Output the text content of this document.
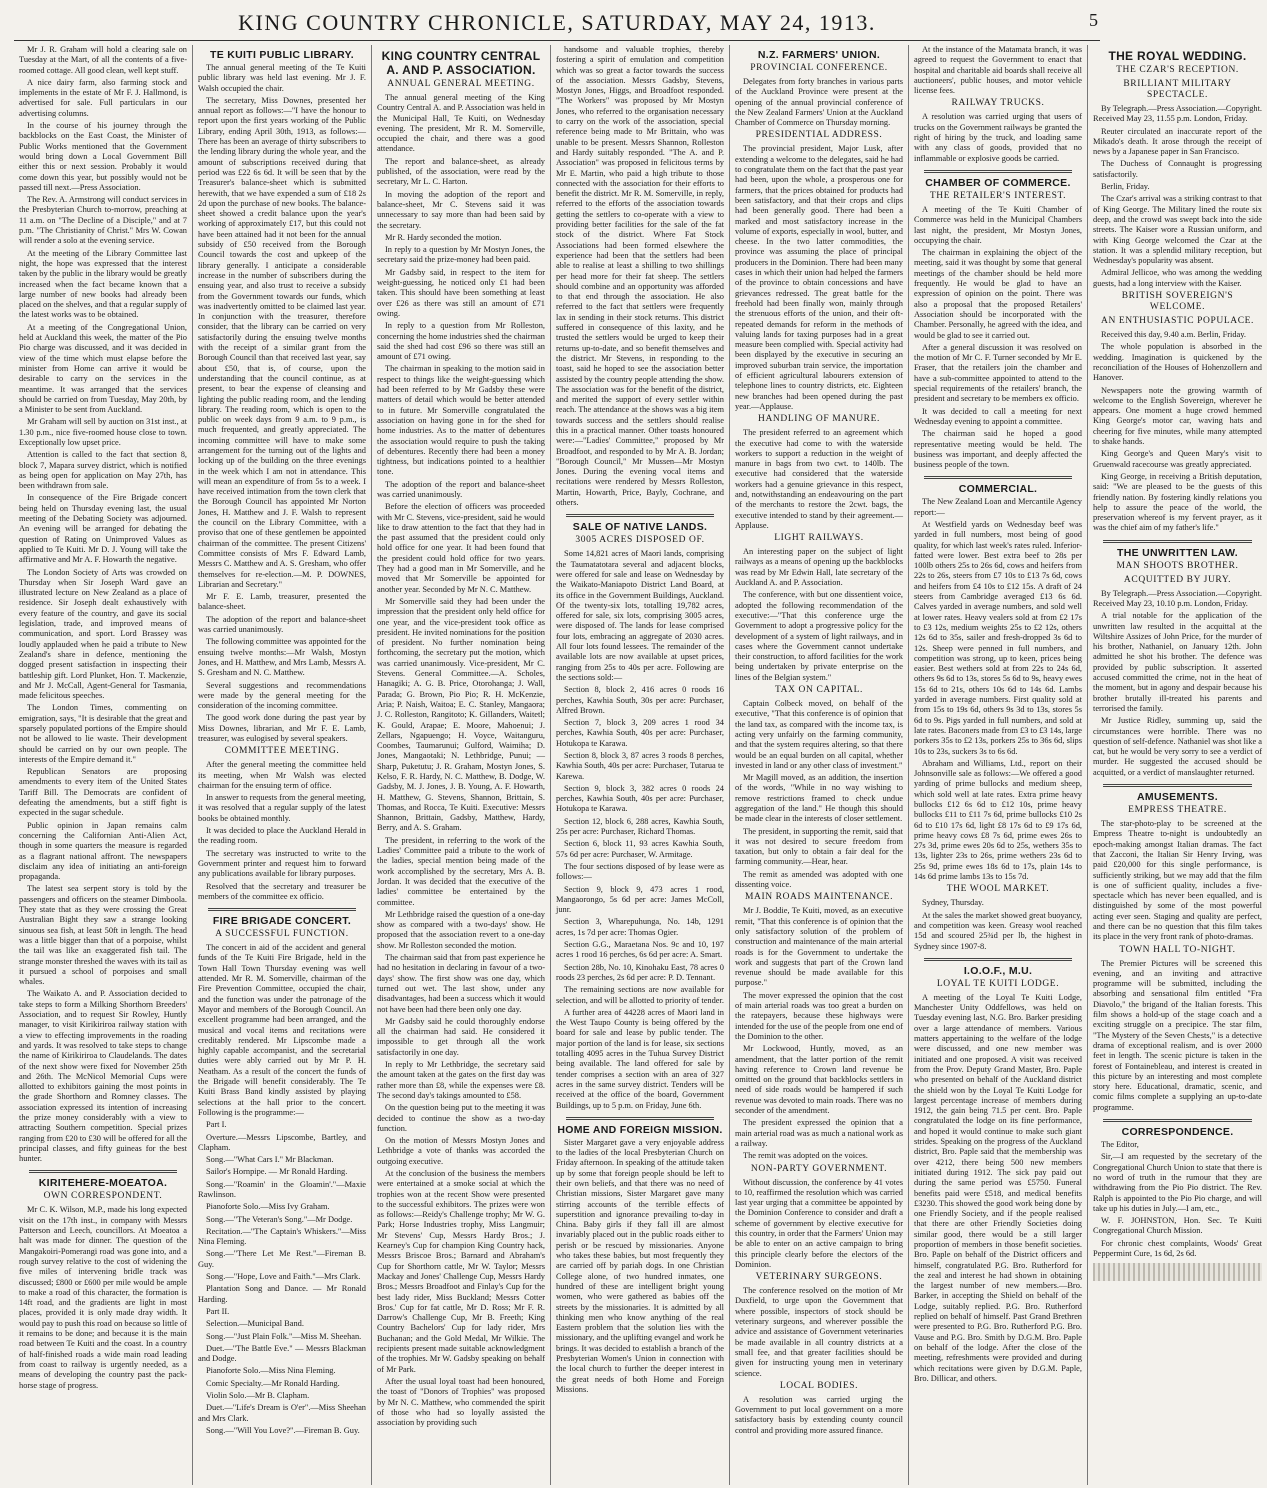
KING COUNTRY CHRONICLE, SATURDAY, MAY 24, 1913.	5

Mr J. R. Graham will hold a clearing sale on Tuesday at the Mart, of all the contents of a five-roomed cottage. All good clean, well kept stuff.

A nice dairy farm, also farming stock and implements in the estate of Mr F. J. Hallmond, is advertised for sale. Full particulars in our advertising columns.

In the course of his journey through the backblocks on the East Coast, the Minister of Public Works mentioned that the Government would bring down a Local Government Bill either this or next session. Probably it would come down this year, but possibly would not be passed till next.—Press Association.

The Rev. A. Armstrong will conduct services in the Presbyterian Church to-morrow, preaching at 11 a.m. on "The Decline of a Disciple," and at 7 p.m. "The Christianity of Christ." Mrs W. Cowan will render a solo at the evening service.

At the meeting of the Library Committee last night, the hope was expressed that the interest taken by the public in the library would be greatly increased when the fact became known that a large number of new books had already been placed on the shelves, and that a regular supply of the latest works was to be obtained.

At a meeting of the Congregational Union, held at Auckland this week, the matter of the Pio Pio charge was discussed, and it was decided in view of the time which must elapse before the minister from Home can arrive it would be desirable to carry on the services in the meantime. It was arranged that the services should be carried on from Tuesday, May 20th, by a Minister to be sent from Auckland.

Mr Graham will sell by auction on 31st inst., at 1.30 p.m., nice five-roomed house close to town. Exceptionally low upset price.

Attention is called to the fact that section 8, block 7, Mapara survey district, which is notified as being open for application on May 27th, has been withdrawn from sale.

In consequence of the Fire Brigade concert being held on Thursday evening last, the usual meeting of the Debating Society was adjourned. An evening will be arranged for debating the question of Rating on Unimproved Values as applied to Te Kuiti. Mr D. J. Young will take the affirmative and Mr A. F. Howarth the negative.

The London Society of Arts was crowded on Thursday when Sir Joseph Ward gave an illustrated lecture on New Zealand as a place of residence. Sir Joseph dealt exhaustively with every feature of the country, and gave its social legislation, trade, and improved means of communication, and sport. Lord Brassey was loudly applauded when he paid a tribute to New Zealand's share in defence, mentioning the dogged present satisfaction in inspecting their battleship gift. Lord Plunket, Hon. T. Mackenzie, and Mr J. McCall, Agent-General for Tasmania, made felicitous speeches.

The London Times, commenting on emigration, says, "It is desirable that the great and sparsely populated portions of the Empire should not be allowed to lie waste. Their development should be carried on by our own people. The interests of the Empire demand it."

Republican Senators are proposing amendments to every item of the United States Tariff Bill. The Democrats are confident of defeating the amendments, but a stiff fight is expected in the sugar schedule.

Public opinion in Japan remains calm concerning the Californian Anti-Alien Act, though in some quarters the measure is regarded as a flagrant national affront. The newspapers disclaim any idea of initiating an anti-foreign propaganda.

The latest sea serpent story is told by the passengers and officers on the steamer Dimboola. They state that as they were crossing the Great Australian Bight they saw a strange looking sinuous sea fish, at least 50ft in length. The head was a little bigger than that of a porpoise, whilst the tail was like an exaggerated fish tail. The strange monster threshed the waves with its tail as it pursued a school of porpoises and small whales.

The Waikato A. and P. Association decided to take steps to form a Milking Shorthorn Breeders' Association, and to request Sir Rowley, Huntly manager, to visit Kirikiriroa railway station with a view to effecting improvements in the roading and yards. It was resolved to take steps to change the name of Kirikiriroa to Claudelands. The dates of the next show were fixed for November 25th and 26th. The McNicol Memorial Cups were allotted to exhibitors gaining the most points in the grade Shorthorn and Romney classes. The association expressed its intention of increasing the prize money considerably with a view to attracting Southern competition. Special prizes ranging from £20 to £30 will be offered for all the principal classes, and fifty guineas for the best hunter.

KIRITEHERE-MOEATOA.
OWN CORRESPONDENT.

Mr C. K. Wilson, M.P., made his long expected visit on the 17th inst., in company with Messrs Patterson and Leech, councillors. At Moeatoa a halt was made for dinner. The question of the Mangakoiri-Pomerangi road was gone into, and a rough survey relative to the cost of widening the five miles of intervening bridle track was discussed; £800 or £600 per mile would be ample to make a road of this character, the formation is 14ft road, and the gradients are light in most places, provided it is only made dray width. It would pay to push this road on because so little of it remains to be done; and because it is the main road between Te Kuiti and the coast. In a country of half-finished roads a wide main road leading from coast to railway is urgently needed, as a means of developing the country past the pack-horse stage of progress.

TE KUITI PUBLIC LIBRARY.

The annual general meeting of the Te Kuiti public library was held last evening. Mr J. F. Walsh occupied the chair.

The secretary, Miss Downes, presented her annual report as follows:—"I have the honour to report upon the first years working of the Public Library, ending April 30th, 1913, as follows:—There has been an average of thirty subscribers to the lending library during the whole year, and the amount of subscriptions received during that period was £22 6s 6d. It will be seen that by the Treasurer's balance-sheet which is submitted herewith, that we have expended a sum of £18 2s 2d upon the purchase of new books. The balance-sheet showed a credit balance upon the year's working of approximately £17, but this could not have been attained had it not been for the annual subsidy of £50 received from the Borough Council towards the cost and upkeep of the library generally. I anticipate a considerable increase in the number of subscribers during the ensuing year, and also trust to receive a subsidy from the Government towards our funds, which was inadvertently omitted to be claimed last year. In conjunction with the treasurer, therefore consider, that the library can be carried on very satisfactorily during the ensuing twelve months with the receipt of a similar grant from the Borough Council than that received last year, say about £50, that is, of course, upon the understanding that the council continue, as at present, to bear the expense of cleansing and lighting the public reading room, and the lending library. The reading room, which is open to the public on week days from 9 a.m. to 9 p.m., is much frequented, and greatly appreciated. The incoming committee will have to make some arrangement for the turning out of the lights and locking up of the building on the three evenings in the week which I am not in attendance. This will mean an expenditure of from 5s to a week. I have received intimation from the town clerk that the Borough Council has appointed Mr Norton Jones, H. Matthew and J. F. Walsh to represent the council on the Library Committee, with a proviso that one of these gentlemen be appointed chairman of the committee. The present Citizens' Committee consists of Mrs F. Edward Lamb, Messrs C. Matthew and A. S. Gresham, who offer themselves for re-election.—M. P. DOWNES, Librarian and Secretary."

Mr F. E. Lamb, treasurer, presented the balance-sheet.

The adoption of the report and balance-sheet was carried unanimously.

The following committee was appointed for the ensuing twelve months:—Mr Walsh, Mostyn Jones, and H. Matthew, and Mrs Lamb, Messrs A. S. Gresham and N. C. Matthew.

Several suggestions and recommendations were made by the general meeting for the consideration of the incoming committee.

The good work done during the past year by Miss Downes, librarian, and Mr F. E. Lamb, treasurer, was eulogised by several speakers.

COMMITTEE MEETING.

After the general meeting the committee held its meeting, when Mr Walsh was elected chairman for the ensuing term of office.

In answer to requests from the general meeting, it was resolved that a regular supply of the latest books be obtained monthly.

It was decided to place the Auckland Herald in the reading room.

The secretary was instructed to write to the Government printer and request him to forward any publications available for library purposes.

Resolved that the secretary and treasurer be members of the committee ex officio.

FIRE BRIGADE CONCERT.
A SUCCESSFUL FUNCTION.

The concert in aid of the accident and general funds of the Te Kuiti Fire Brigade, held in the Town Hall Town Thursday evening was well attended. Mr R. M. Somerville, chairman of the Fire Prevention Committee, occupied the chair, and the function was under the patronage of the Mayor and members of the Borough Council. An excellent programme had been arranged, and the musical and vocal items and recitations were creditably rendered. Mr Lipscombe made a highly capable accompanist, and the secretarial duties were ably carried out by Mr P. H. Neatham. As a result of the concert the funds of the Brigade will benefit considerably. The Te Kuiti Brass Band kindly assisted by playing selections at the hall prior to the concert. Following is the programme:—

Part I.

Overture.—Messrs Lipscombe, Bartley, and Clapham.

Song.—"What Cars I." Mr Blackman.

Sailor's Hornpipe. — Mr Ronald Harding.

Song.—"Roamin' in the Gloamin'."—Maxie Rawlinson.

Pianoforte Solo.—Miss Ivy Graham.

Song.—"The Veteran's Song."—Mr Dodge.

Recitation.—"The Captain's Whiskers."—Miss Nina Fleming.

Song.—"There Let Me Rest."—Fireman B. Guy.

Song.—"Hope, Love and Faith."—Mrs Clark.

Plantation Song and Dance. — Mr Ronald Harding.

Part II.

Selection.—Municipal Band.

Song.—"Just Plain Folk."—Miss M. Sheehan.

Duet.—"The Battle Eve." — Messrs Blackman and Dodge.

Pianoforte Solo.—Miss Nina Fleming.

Comic Specialty.—Mr Ronald Harding.

Violin Solo.—Mr B. Clapham.

Duet.—"Life's Dream is O'er".—Miss Sheehan and Mrs Clark.

Song.—"Will You Love?".—Fireman B. Guy.

KING COUNTRY CENTRAL A. AND P. ASSOCIATION.
ANNUAL GENERAL MEETING.

The annual general meeting of the King Country Central A. and P. Association was held in the Municipal Hall, Te Kuiti, on Wednesday evening. The president, Mr R. M. Somerville, occupied the chair, and there was a good attendance.

The report and balance-sheet, as already published, of the association, were read by the secretary, Mr L. C. Harton.

In moving the adoption of the report and balance-sheet, Mr C. Stevens said it was unnecessary to say more than had been said by the secretary.

Mr R. Hardy seconded the motion.

In reply to a question by Mr Mostyn Jones, the secretary said the prize-money had been paid.

Mr Gadsby said, in respect to the item for weight-guessing, he noticed only £1 had been taken. This should have been something at least over £26 as there was still an amount of £71 owing.

In reply to a question from Mr Rolleston, concerning the home industries shed the chairman said the shed had cost £96 so there was still an amount of £71 owing.

The chairman in speaking to the motion said in respect to things like the weight-guessing which had been referred to by Mr Gadsby these were matters of detail which would be better attended to in future. Mr Somerville congratulated the association on having gone in for the shed for home industries. As to the matter of debentures the association would require to push the taking of debentures. Recently there had been a money tightness, but indications pointed to a healthier tone.

The adoption of the report and balance-sheet was carried unanimously.

Before the election of officers was proceeded with Mr C. Stevens, vice-president, said he would like to draw attention to the fact that they had in the past assumed that the president could only hold office for one year. It had been found that the president could hold office for two years. They had a good man in Mr Somerville, and he moved that Mr Somerville be appointed for another year. Seconded by Mr N. C. Matthew.

Mr Somerville said they had been under the impression that the president only held office for one year, and the vice-president took office as president. He invited nominations for the position of president. No further nomination being forthcoming, the secretary put the motion, which was carried unanimously. Vice-president, Mr C. Stevens. General Committee.—A. Scholes, Hanagiki; A. G. B. Price, Otorohanga; J. Wall, Parada; G. Brown, Pio Pio; R. H. McKenzie, Aria; P. Naish, Waitoa; E. C. Stanley, Mangaora; J. C. Rolleston, Rangitoto; K. Gillanders, Waitetl; K. Gould, Arapae; E. Moore, Mahoenui; J. Zellars, Ngapuengo; H. Voyce, Waitanguru, Coombes, Taumarunui; Gulford, Waimiha; D. Jones, Mangaotaki; N. Lethbridge, Punui; — Sharp, Puketutu; J. R. Graham, Mostyn Jones, S. Kelso, F. R. Hardy, N. C. Matthew, B. Dodge, W. Gadsby, M. J. Jones, J. B. Young, A. F. Howarth, H. Matthew, G. Stevens, Shannon, Brittain, S. Thomas, and Rocca, Te Kuiti. Executive: Messrs Shannon, Brittain, Gadsby, Matthew, Hardy, Berry, and A. S. Graham.

The president, in referring to the work of the Ladies' Committee paid a tribute to the work of the ladies, special mention being made of the work accomplished by the secretary, Mrs A. B. Jordan. It was decided that the executive of the ladies' committee be entertained by the committee.

Mr Lethbridge raised the question of a one-day show as compared with a two-days' show. He proposed that the association revert to a one-day show. Mr Rolleston seconded the motion.

The chairman said that from past experience he had no hesitation in declaring in favour of a two-days' show. The first show was one day, which turned out wet. The last show, under any disadvantages, had been a success which it would not have been had there been only one day.

Mr Gadsby said he could thoroughly endorse all the chairman had said. He considered it impossible to get through all the work satisfactorily in one day.

In reply to Mr Lethbridge, the secretary said the amount taken at the gates on the first day was rather more than £8, while the expenses were £8. The second day's takings amounted to £58.

On the question being put to the meeting it was decided to continue the show as a two-day function.

On the motion of Messrs Mostyn Jones and Lethbridge a vote of thanks was accorded the outgoing executive.

At the conclusion of the business the members were entertained at a smoke social at which the trophies won at the recent Show were presented to the successful exhibitors. The prizes were won as follows:—Reidy's Challenge trophy; Mr W. G. Park; Horse Industries trophy, Miss Langmuir; Mr Stevens' Cup, Messrs Hardy Bros.; J. Kearney's Cup for champion King Country hack, Messrs Briscoe Bros.; Barnard and Abraham's Cup for Shorthorn cattle, Mr W. Taylor; Messrs Mackay and Jones' Challenge Cup, Messrs Hardy Bros.; Messrs Broadfoot and Finlay's Cup for the best lady rider, Miss Buckland; Messrs Cotter Bros.' Cup for fat cattle, Mr D. Ross; Mr F. R. Darrow's Challenge Cup, Mr B. Freeth; King Country Bachelors' Cup for lady rider, Mrs Buchanan; and the Gold Medal, Mr Wilkie. The recipients present made suitable acknowledgment of the trophies. Mr W. Gadsby speaking on behalf of Mr Park.

After the usual loyal toast had been honoured, the toast of "Donors of Trophies" was proposed by Mr N. C. Matthew, who commended the spirit of those who had so loyally assisted the association by providing such

handsome and valuable trophies, thereby fostering a spirit of emulation and competition which was so great a factor towards the success of the association. Messrs Gadsby, Stevens, Mostyn Jones, Higgs, and Broadfoot responded. "The Workers" was proposed by Mr Mostyn Jones, who referred to the organisation necessary to carry on the work of the association, special reference being made to Mr Brittain, who was unable to be present. Messrs Shannon, Rolleston and Hardy suitably responded. "The A. and P. Association" was proposed in felicitous terms by Mr E. Martin, who paid a high tribute to those connected with the association for their efforts to benefit the district. Mr R. M. Somerville, in reply, referred to the efforts of the association towards getting the settlers to co-operate with a view to providing better facilities for the sale of the fat stock of the district. Where Fat Stock Associations had been formed elsewhere the experience had been that the settlers had been able to realise at least a shilling to two shillings per head more for their fat sheep. The settlers should combine and an opportunity was afforded to that end through the association. He also referred to the fact that settlers were frequently lax in sending in their stock returns. This district suffered in consequence of this laxity, and he trusted the settlers would be urged to keep their returns up-to-date, and so benefit themselves and the district. Mr Stevens, in responding to the toast, said he hoped to see the association better assisted by the country people attending the show. The association was for the benefit of the district, and merited the support of every settler within reach. The attendance at the shows was a big item towards success and the settlers should realise this in a practical manner. Other toasts honoured were:—"Ladies' Committee," proposed by Mr Broadfoot, and responded to by Mr A. B. Jordan; "Borough Council," Mr Mussen—Mr Mostyn Jones. During the evening vocal items and recitations were rendered by Messrs Rolleston, Martin, Howarth, Price, Bayly, Cochrane, and others.

SALE OF NATIVE LANDS.
3005 ACRES DISPOSED OF.

Some 14,821 acres of Maori lands, comprising the Taumatatotara several and adjacent blocks, were offered for sale and lease on Wednesday by the Waikato-Maniapoto District Land Board, at its office in the Government Buildings, Auckland. Of the twenty-six lots, totalling 19,782 acres, offered for sale, six lots, comprising 3005 acres, were disposed of. The lands for lease comprised four lots, embracing an aggregate of 2030 acres. All four lots found lessees. The remainder of the available lots are now available at upset prices, ranging from 25s to 40s per acre. Following are the sections sold:—

Section 8, block 2, 416 acres 0 roods 16 perches, Kawhia South, 30s per acre: Purchaser, Alfred Brown.

Section 7, block 3, 209 acres 1 rood 34 perches, Kawhia South, 40s per acre: Purchaser, Hotukopa te Karawa.

Section 8, block 3, 87 acres 3 roods 8 perches, Kawhia South, 40s per acre: Purchaser, Tutarua te Karewa.

Section 9, block 3, 382 acres 0 roods 24 perches, Kawhia South, 40s per acre: Purchaser, Hotukopa te Karawa.

Section 12, block 6, 288 acres, Kawhia South, 25s per acre: Purchaser, Richard Thomas.

Section 6, block 11, 93 acres Kawhia South, 57s 6d per acre: Purchaser, W. Armitage.

The four sections disposed of by lease were as follows:—

Section 9, block 9, 473 acres 1 rood, Mangaorongo, 5s 6d per acre: James McColl, junr.

Section 3, Wharepuhunga, No. 14b, 1291 acres, 1s 7d per acre: Thomas Ogier.

Section G.G., Maraetana Nos. 9c and 10, 197 acres 1 rood 16 perches, 6s 6d per acre: A. Smart.

Section 28b, No. 10, Kinohaku East, 78 acres 0 roods 23 perches, 2s 6d per acre: P. D. Tennant.

The remaining sections are now available for selection, and will be allotted to priority of tender.

A further area of 44228 acres of Maori land in the West Taupo County is being offered by the board for sale and lease by public tender. The major portion of the land is for lease, six sections totalling 4095 acres in the Tuhua Survey District being available. The land offered for sale by tender comprises a section with an area of 327 acres in the same survey district. Tenders will be received at the office of the board, Government Buildings, up to 5 p.m. on Friday, June 6th.

HOME AND FOREIGN MISSION.

Sister Margaret gave a very enjoyable address to the ladies of the local Presbyterian Church on Friday afternoon. In speaking of the attitude taken up by some that foreign people should be left to their own beliefs, and that there was no need of Christian missions, Sister Margaret gave many stirring accounts of the terrible effects of superstition and ignorance prevailing to-day in China. Baby girls if they fall ill are almost invariably placed out in the public roads either to perish or be rescued by missionaries. Anyone who takes these babies, but most frequently they are carried off by pariah dogs. In one Christian College alone, of two hundred inmates, one hundred of these are intelligent bright young women, who were gathered as babies off the streets by the missionaries. It is admitted by all thinking men who know anything of the real Eastern problem that the solution lies with the missionary, and the uplifting evangel and work he brings. It was decided to establish a branch of the Presbyterian Women's Union in connection with the local church to further the deeper interest in the great needs of both Home and Foreign Missions.

N.Z. FARMERS' UNION.
PROVINCIAL CONFERENCE.

Delegates from forty branches in various parts of the Auckland Province were present at the opening of the annual provincial conference of the New Zealand Farmers' Union at the Auckland Chamber of Commerce on Thursday morning.

PRESIDENTIAL ADDRESS.

The provincial president, Major Lusk, after extending a welcome to the delegates, said he had to congratulate them on the fact that the past year had been, upon the whole, a prosperous one for farmers, that the prices obtained for products had been satisfactory, and that their crops and clips had been generally good. There had been a marked and most satisfactory increase in the volume of exports, especially in wool, butter, and cheese. In the two latter commodities, the province was assuming the place of principal producers in the Dominion. There had been many cases in which their union had helped the farmers of the province to obtain concessions and have grievances redressed. The great battle for the freehold had been finally won, mainly through the strenuous efforts of the union, and their oft-repeated demands for reform in the methods of valuing lands for taxing purposes had in a great measure been complied with. Special activity had been displayed by the executive in securing an improved suburban train service, the importation of efficient agricultural labourers extension of telephone lines to country districts, etc. Eighteen new branches had been opened during the past year.—Applause.

HANDLING OF MANURE.

The president referred to an agreement which the executive had come to with the waterside workers to support a reduction in the weight of manure in bags from two cwt. to 140lb. The executive had considered that the waterside workers had a genuine grievance in this respect, and, notwithstanding an endeavouring on the part of the merchants to restore the 2cwt. bags, the executive intended to stand by their agreement.—Applause.

LIGHT RAILWAYS.

An interesting paper on the subject of light railways as a means of opening up the backblocks was read by Mr Edwin Hall, late secretary of the Auckland A. and P. Association.

The conference, with but one dissentient voice, adopted the following recommendation of the executive:—"That this conference urge the Government to adopt a progressive policy for the development of a system of light railways, and in cases where the Government cannot undertake their construction, to afford facilities for the work being undertaken by private enterprise on the lines of the Belgian system."

TAX ON CAPITAL.

Captain Colbeck moved, on behalf of the executive, "That this conference is of opinion that the land tax, as compared with the income tax, is acting very unfairly on the farming community, and that the system requires altering, so that there would be an equal burden on all capital, whether invested in land or any other class of investment."

Mr Magill moved, as an addition, the insertion of the words, "While in no way wishing to remove restrictions framed to check undue aggregation of the land." He though this should be made clear in the interests of closer settlement.

The president, in supporting the remit, said that it was not desired to secure freedom from taxation, but only to obtain a fair deal for the farming community.—Hear, hear.

The remit as amended was adopted with one dissenting voice.

MAIN ROADS MAINTENANCE.

Mr J. Boddie, Te Kuiti, moved, as an executive remit, "That this conference is of opinion that the only satisfactory solution of the problem of construction and maintenance of the main arterial roads is for the Government to undertake the work and suggests that part of the Crown land revenue should be made available for this purpose."

The mover expressed the opinion that the cost of main arterial roads was too great a burden on the ratepayers, because these highways were intended for the use of the people from one end of the Dominion to the other.

Mr Lockwood, Huntly, moved, as an amendment, that the latter portion of the remit having reference to Crown land revenue be omitted on the ground that backblocks settlers in need of side roads would be hampered if such revenue was devoted to main roads. There was no seconder of the amendment.

The president expressed the opinion that a main arterial road was as much a national work as a railway.

The remit was adopted on the voices.

NON-PARTY GOVERNMENT.

Without discussion, the conference by 41 votes to 10, reaffirmed the resolution which was carried last year urging that a committee be appointed by the Dominion Conference to consider and draft a scheme of government by elective executive for this country, in order that the Farmers' Union may be able to enter on an active campaign to bring this principle clearly before the electors of the Dominion.

VETERINARY SURGEONS.

The conference resolved on the motion of Mr Duxfield, to urge upon the Government that where possible, inspectors of stock should be veterinary surgeons, and wherever possible the advice and assistance of Government veterinaries be made available in all country districts at a small fee, and that greater facilities should be given for instructing young men in veterinary science.

LOCAL BODIES.

A resolution was carried urging the Government to put local government on a more satisfactory basis by extending county council control and providing more assured finance.

At the instance of the Matamata branch, it was agreed to request the Government to enact that hospital and charitable aid boards shall receive all auctioneers', public houses, and motor vehicle license fees.

RAILWAY TRUCKS.

A resolution was carried urging that users of trucks on the Government railways be granted the right of hiring by the truck, and loading same with any class of goods, provided that no inflammable or explosive goods be carried.

CHAMBER OF COMMERCE.
THE RETAILER'S INTEREST.

A meeting of the Te Kuiti Chamber of Commerce was held in the Municipal Chambers last night, the president, Mr Mostyn Jones, occupying the chair.

The chairman in explaining the object of the meeting, said it was thought by some that general meetings of the chamber should be held more frequently. He would be glad to have an expression of opinion on the point. There was also a proposal that the proposed Retailers' Association should be incorporated with the Chamber. Personally, he agreed with the idea, and would be glad to see it carried out.

After a general discussion it was resolved on the motion of Mr C. F. Turner seconded by Mr E. Fraser, that the retailers join the chamber and have a sub-committee appointed to attend to the special requirements of the retailers' branch, the president and secretary to be members ex officio.

It was decided to call a meeting for next Wednesday evening to appoint a committee.

The chairman said he hoped a good representative meeting would be held. The business was important, and deeply affected the business people of the town.

COMMERCIAL.

The New Zealand Loan and Mercantile Agency report:—

At Westfield yards on Wednesday beef was yarded in full numbers, most being of good quality, for which last week's rates ruled. Inferior-fatted were lower. Best extra beef to 28s per 100lb others 25s to 26s 6d, cows and heifers from 22s to 26s, steers from £7 10s to £13 7s 6d, cows and heifers from £4 10s to £12 15s. A draft of 24 steers from Cambridge averaged £13 6s 6d. Calves yarded in average numbers, and sold well at lower rates. Heavy vealers sold at from £2 17s to £3 12s, medium weights 25s to £2 12s, others 12s 6d to 35s, sailer and fresh-dropped 3s 6d to 12s. Sheep were penned in full numbers, and competition was strong, up to keen, prices being easier. Best wethers sold at from 22s to 24s 6d, others 9s 6d to 13s, stores 5s 6d to 9s, heavy ewes 15s 6d to 21s, others 10s 6d to 14s 6d. Lambs yarded in average numbers. First quality sold at from 15s to 19s 6d, others 9s 3d to 13s, stores 5s 6d to 9s. Pigs yarded in full numbers, and sold at late rates. Baconers made from £3 to £3 14s, large porkers 35s to £2 13s, porkers 25s to 36s 6d, slips 10s to 23s, suckers 3s to 6s 6d.

Abraham and Williams, Ltd., report on their Johnsonville sale as follows:—We offered a good yarding of prime bullocks and medium sheep, which sold well at late rates. Extra prime heavy bullocks £12 6s 6d to £12 10s, prime heavy bullocks £11 to £11 7s 6d, prime bullocks £10 2s 6d to £10 17s 6d, light £8 17s 6d to £9 17s 6d, prime heavy cows £8 7s 6d, prime ewes 26s to 27s 3d, prime ewes 20s 6d to 25s, wethers 35s to 13s, lighter 23s to 26s, prime wethers 23s 6d to 25s 9d, prime ewes 18s 6d to 17s, plain 14s to 14s 6d prime lambs 13s to 15s 7d.

THE WOOL MARKET.

Sydney, Thursday.

At the sales the market showed great buoyancy, and competition was keen. Greasy wool reached 15d and scoured 25¾d per lb, the highest in Sydney since 1907-8.

I.O.O.F., M.U.
LOYAL TE KUITI LODGE.

A meeting of the Loyal Te Kuiti Lodge, Manchester Unity Oddfellows, was held on Tuesday evening last, N.G. Bro. Barker presiding over a large attendance of members. Various matters appertaining to the welfare of the lodge were discussed, and one new member was initiated and one proposed. A visit was received from the Prov. Deputy Grand Master, Bro. Paple who presented on behalf of the Auckland district the shield won by the Loyal Te Kuiti Lodge for largest percentage increase of members during 1912, the gain being 71.5 per cent. Bro. Paple congratulated the lodge on its fine performance, and hoped it would continue to make such giant strides. Speaking on the progress of the Auckland district, Bro. Paple said that the membership was over 4212, there being 500 new members initiated during 1912. The sick pay paid out during the same period was £5750. Funeral benefits paid were £518, and medical benefits £3230. This showed the good work being done by one Friendly Society, and if the people realised that there are other Friendly Societies doing similar good, there would be a still larger proportion of members in those benefit societies. Bro. Paple on behalf of the District officers and himself, congratulated P.G. Bro. Rutherford for the zeal and interest he had shown in obtaining the largest number of new members.—Bro. Barker, in accepting the Shield on behalf of the Lodge, suitably replied. P.G. Bro. Rutherford replied on behalf of himself. Past Grand Brethren were presented to P.G. Bro. Rutherford P.G. Bro. Vause and P.G. Bro. Smith by D.G.M. Bro. Paple on behalf of the lodge. After the close of the meeting, refreshments were provided and during which recitations were given by D.G.M. Paple, Bro. Dillicar, and others.

THE ROYAL WEDDING.
THE CZAR'S RECEPTION.
BRILLIANT MILITARY SPECTACLE.

By Telegraph.—Press Association.—Copyright. Received May 23, 11.55 p.m. London, Friday.

Reuter circulated an inaccurate report of the Mikado's death. It arose through the receipt of news by a Japanese paper in San Francisco.

The Duchess of Connaught is progressing satisfactorily.

Berlin, Friday.

The Czar's arrival was a striking contrast to that of King George. The Military lined the route six deep, and the crowd was swept back into the side streets. The Kaiser wore a Russian uniform, and with King George welcomed the Czar at the station. It was a splendid military reception, but Wednesday's popularity was absent.

Admiral Jellicoe, who was among the wedding guests, had a long interview with the Kaiser.

BRITISH SOVEREIGN'S WELCOME.
AN ENTHUSIASTIC POPULACE.

Received this day, 9.40 a.m. Berlin, Friday.

The whole population is absorbed in the wedding. Imagination is quickened by the reconciliation of the Houses of Hohenzollern and Hanover.

Newspapers note the growing warmth of welcome to the English Sovereign, wherever he appears. One moment a huge crowd hemmed King George's motor car, waving hats and cheering for five minutes, while many attempted to shake hands.

King George's and Queen Mary's visit to Gruenwald racecourse was greatly appreciated.

King George, in receiving a British deputation, said: "We are pleased to be the guests of this friendly nation. By fostering kindly relations you help to assure the peace of the world, the preservation whereof is my fervent prayer, as it was the chief aim of my father's life."

THE UNWRITTEN LAW.
MAN SHOOTS BROTHER.
ACQUITTED BY JURY.

By Telegraph.—Press Association.—Copyright. Received May 23, 10.10 p.m. London, Friday.

A trial notable for the application of the unwritten law resulted in the acquittal at the Wiltshire Assizes of John Price, for the murder of his brother, Nathaniel, on January 12th. John admitted he shot his brother. The defence was provided by public subscription. It asserted accused committed the crime, not in the heat of the moment, but in agony and despair because his brother brutally ill-treated his parents and terrorised the family.

Mr Justice Ridley, summing up, said the circumstances were horrible. There was no question of self-defence. Nathaniel was shot like a cat, but he would be very sorry to see a verdict of murder. He suggested the accused should be acquitted, or a verdict of manslaughter returned.

AMUSEMENTS.
EMPRESS THEATRE.

The star-photo-play to be screened at the Empress Theatre to-night is undoubtedly an epoch-making amongst Italian dramas. The fact that Zacconi, the Italian Sir Henry Irving, was paid £20,000 for this single performance, is sufficiently striking, but we may add that the film is one of sufficient quality, includes a five-spectacle which has never been equalled, and is distinguished by some of the most powerful acting ever seen. Staging and quality are perfect, and there can be no question that this film takes its place in the very front rank of photo-dramas.

TOWN HALL TO-NIGHT.

The Premier Pictures will be screened this evening, and an inviting and attractive programme will be submitted, including the absorbing and sensational film entitled "Fra Diavolo," the brigand of the Italian forests. This film shows a hold-up of the stage coach and a exciting struggle on a precipice. The star film, "The Mystery of the Seven Chests," is a detective drama of exceptional realism, and is over 2000 feet in length. The scenic picture is taken in the forest of Fontainebleau, and interest is created in this picture by an interesting and most complete story here. Educational, dramatic, scenic, and comic films complete a supplying an up-to-date programme.

CORRESPONDENCE.

The Editor,

Sir,—I am requested by the secretary of the Congregational Church Union to state that there is no word of truth in the rumour that they are withdrawing from the Pio Pio district. The Rev. Ralph is appointed to the Pio Pio charge, and will take up his duties in July.—I am, etc.,

W. F. JOHNSTON, Hon. Sec. Te Kuiti Congregational Church Mission.

For chronic chest complaints, Woods' Great Peppermint Cure, 1s 6d, 2s 6d.
